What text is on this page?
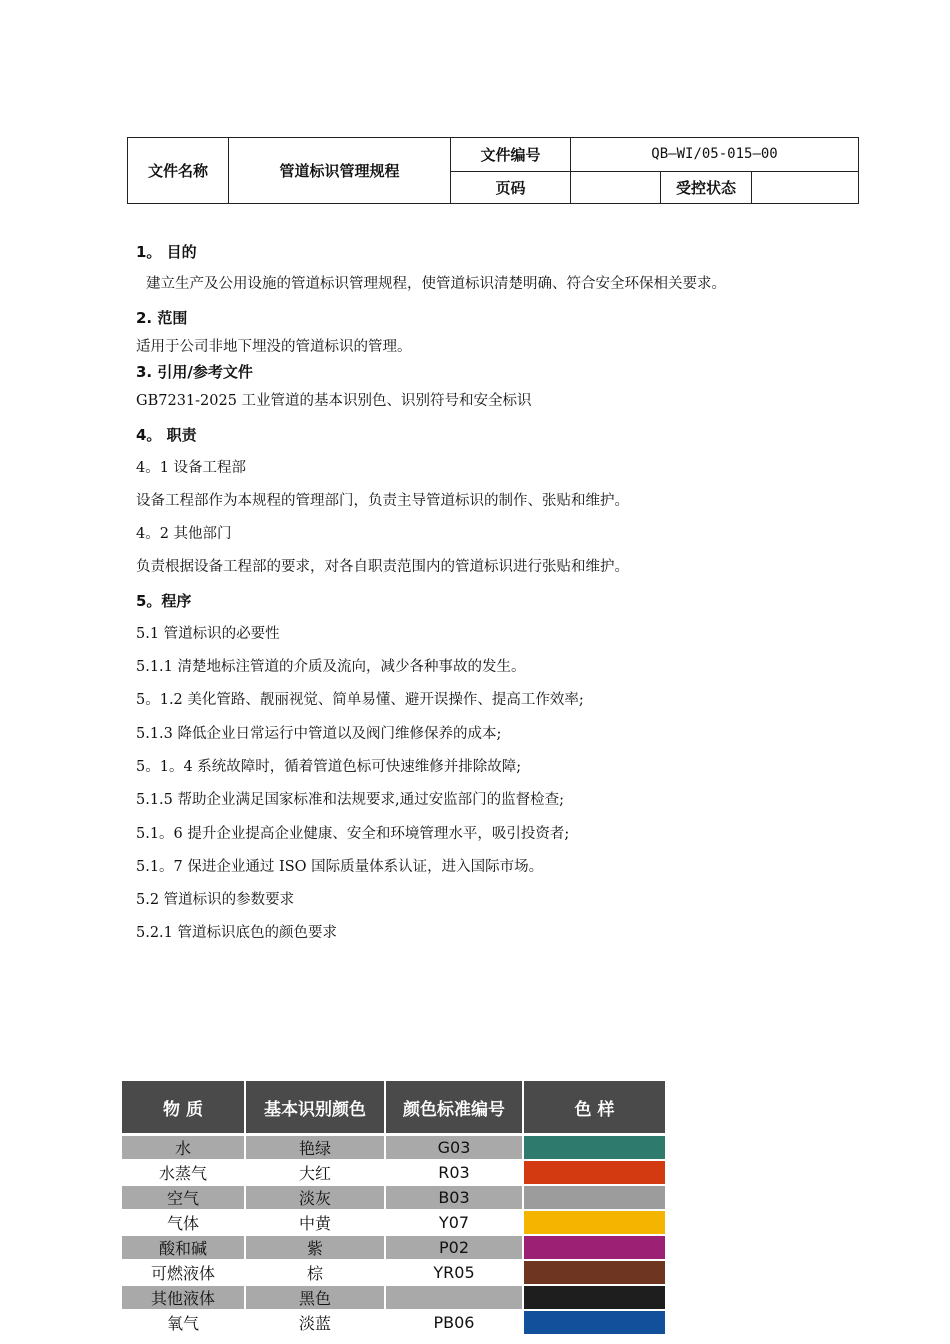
文件名称	管道标识管理规程	文件编号	QB—WI/05-015—00		
		页码		受控状态	
1。 目的
建立生产及公用设施的管道标识管理规程，使管道标识清楚明确、符合安全环保相关要求。
2. 范围
适用于公司非地下埋没的管道标识的管理。
3. 引用/参考文件
GB7231-2025 工业管道的基本识别色、识别符号和安全标识
4。 职责
4。1 设备工程部
设备工程部作为本规程的管理部门，负责主导管道标识的制作、张贴和维护。
4。2 其他部门
负责根据设备工程部的要求，对各自职责范围内的管道标识进行张贴和维护。
5。程序
5.1 管道标识的必要性
5.1.1 清楚地标注管道的介质及流向，减少各种事故的发生。
5。1.2 美化管路、靓丽视觉、简单易懂、避开误操作、提高工作效率;
5.1.3 降低企业日常运行中管道以及阀门维修保养的成本;
5。1。4 系统故障时，循着管道色标可快速维修并排除故障;
5.1.5 帮助企业满足国家标准和法规要求,通过安监部门的监督检查;
5.1。6 提升企业提高企业健康、安全和环境管理水平，吸引投资者;
5.1。7 保进企业通过 ISO 国际质量体系认证，进入国际市场。
5.2 管道标识的参数要求
5.2.1 管道标识底色的颜色要求
物 质	基本识别颜色	颜色标准编号	色 样
水	艳绿	G03	
水蒸气	大红	R03	
空气	淡灰	B03	
气体	中黄	Y07	
酸和碱	紫	P02	
可燃液体	棕	YR05	
其他液体	黑色		
氧气	淡蓝	PB06	
